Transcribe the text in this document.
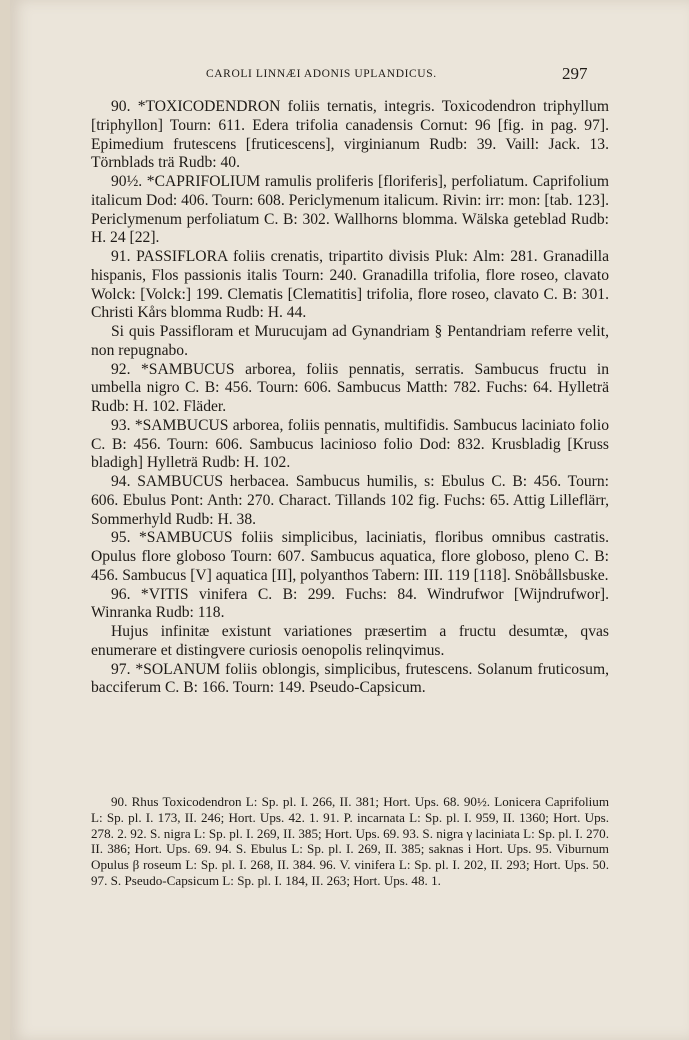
CAROLI LINNÆI ADONIS UPLANDICUS.	297

90. *TOXICODENDRON foliis ternatis, integris. Toxicodendron triphyllum [triphyllon] Tourn: 611. Edera trifolia canadensis Cornut: 96 [fig. in pag. 97]. Epimedium frutescens [fruticescens], virginianum Rudb: 39. Vaill: Jack. 13. Törnblads trä Rudb: 40.

90½. *CAPRIFOLIUM ramulis proliferis [floriferis], perfoliatum. Caprifolium italicum Dod: 406. Tourn: 608. Periclymenum italicum. Rivin: irr: mon: [tab. 123]. Periclymenum perfoliatum C. B: 302. Wallhorns blomma. Wälska geteblad Rudb: H. 24 [22].

91. PASSIFLORA foliis crenatis, tripartito divisis Pluk: Alm: 281. Granadilla hispanis, Flos passionis italis Tourn: 240. Granadilla trifolia, flore roseo, clavato Wolck: [Volck:] 199. Clematis [Clematitis] trifolia, flore roseo, clavato C. B: 301. Christi Kårs blomma Rudb: H. 44.

Si quis Passifloram et Murucujam ad Gynandriam § Pentandriam referre velit, non repugnabo.

92. *SAMBUCUS arborea, foliis pennatis, serratis. Sambucus fructu in umbella nigro C. B: 456. Tourn: 606. Sambucus Matth: 782. Fuchs: 64. Hylleträ Rudb: H. 102. Fläder.

93. *SAMBUCUS arborea, foliis pennatis, multifidis. Sambucus laciniato folio C. B: 456. Tourn: 606. Sambucus lacinioso folio Dod: 832. Krusbladig [Kruss bladigh] Hylleträ Rudb: H. 102.

94. SAMBUCUS herbacea. Sambucus humilis, s: Ebulus C. B: 456. Tourn: 606. Ebulus Pont: Anth: 270. Charact. Tillands 102 fig. Fuchs: 65. Attig Lilleflärr, Sommerhyld Rudb: H. 38.

95. *SAMBUCUS foliis simplicibus, laciniatis, floribus omnibus castratis. Opulus flore globoso Tourn: 607. Sambucus aquatica, flore globoso, pleno C. B: 456. Sambucus [V] aquatica [II], polyanthos Tabern: III. 119 [118]. Snöbållsbuske.

96. *VITIS vinifera C. B: 299. Fuchs: 84. Windrufwor [Wijndrufwor]. Winranka Rudb: 118.

Hujus infinitæ existunt variationes præsertim a fructu desumtæ, qvas enumerare et distingvere curiosis oenopolis relinqvimus.

97. *SOLANUM foliis oblongis, simplicibus, frutescens. Solanum fruticosum, bacciferum C. B: 166. Tourn: 149. Pseudo-Capsicum.

90. Rhus Toxicodendron L: Sp. pl. I. 266, II. 381; Hort. Ups. 68. 90½. Lonicera Caprifolium L: Sp. pl. I. 173, II. 246; Hort. Ups. 42. 1. 91. P. incarnata L: Sp. pl. I. 959, II. 1360; Hort. Ups. 278. 2. 92. S. nigra L: Sp. pl. I. 269, II. 385; Hort. Ups. 69. 93. S. nigra γ laciniata L: Sp. pl. I. 270. II. 386; Hort. Ups. 69. 94. S. Ebulus L: Sp. pl. I. 269, II. 385; saknas i Hort. Ups. 95. Viburnum Opulus β roseum L: Sp. pl. I. 268, II. 384. 96. V. vinifera L: Sp. pl. I. 202, II. 293; Hort. Ups. 50. 97. S. Pseudo-Capsicum L: Sp. pl. I. 184, II. 263; Hort. Ups. 48. 1.
